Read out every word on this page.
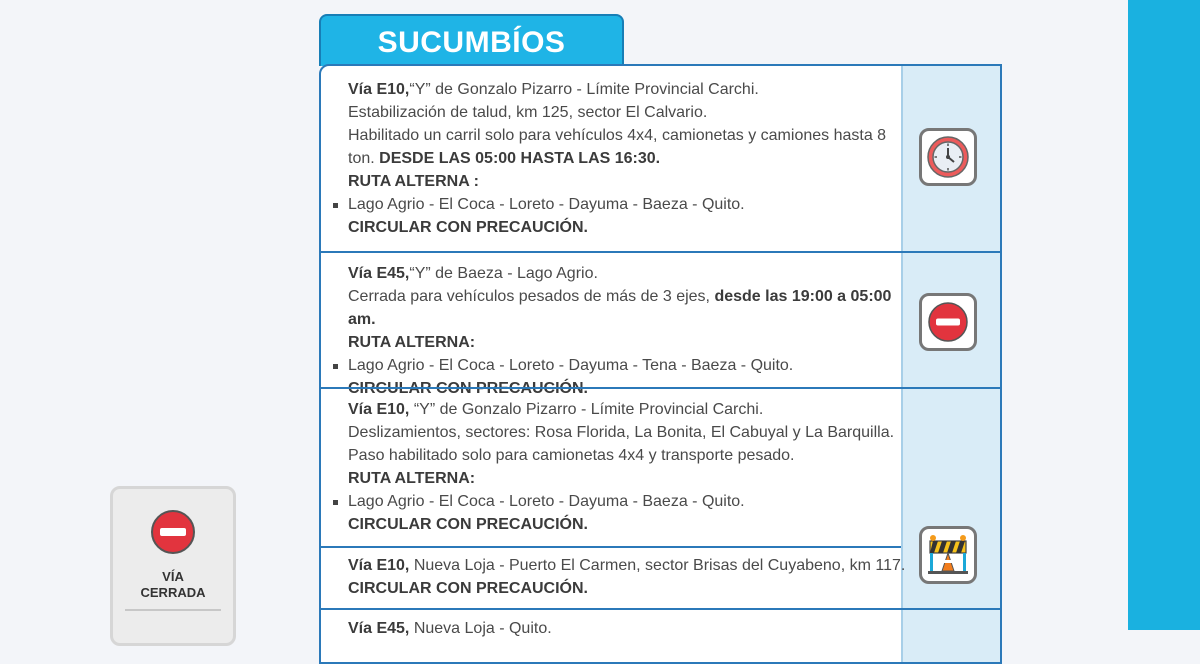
VÍA
CERRADA
SUCUMBÍOS

Vía E10,“Y” de Gonzalo Pizarro - Límite Provincial Carchi.

Estabilización de talud, km 125, sector El Calvario.

Habilitado un carril solo para vehículos 4x4, camionetas y camiones hasta 8

ton. DESDE LAS 05:00 HASTA LAS 16:30.

RUTA ALTERNA :

Lago Agrio - El Coca - Loreto - Dayuma - Baeza - Quito.

CIRCULAR CON PRECAUCIÓN.

Vía E45,“Y” de Baeza - Lago Agrio.

Cerrada para vehículos pesados de más de 3 ejes, desde las 19:00 a 05:00 am.

RUTA ALTERNA:

Lago Agrio - El Coca - Loreto - Dayuma - Tena - Baeza - Quito.

Vía E10, “Y” de Gonzalo Pizarro - Límite Provincial Carchi.

Deslizamientos, sectores: Rosa Florida, La Bonita, El Cabuyal y La Barquilla.

Paso habilitado solo para camionetas 4x4 y transporte pesado.

RUTA ALTERNA:

Lago Agrio - El Coca - Loreto - Dayuma - Baeza - Quito.

CIRCULAR CON PRECAUCIÓN.

Vía E10, Nueva Loja - Puerto El Carmen, sector Brisas del Cuyabeno, km 117.

CIRCULAR CON PRECAUCIÓN.

Vía E45, Nueva Loja - Quito.
